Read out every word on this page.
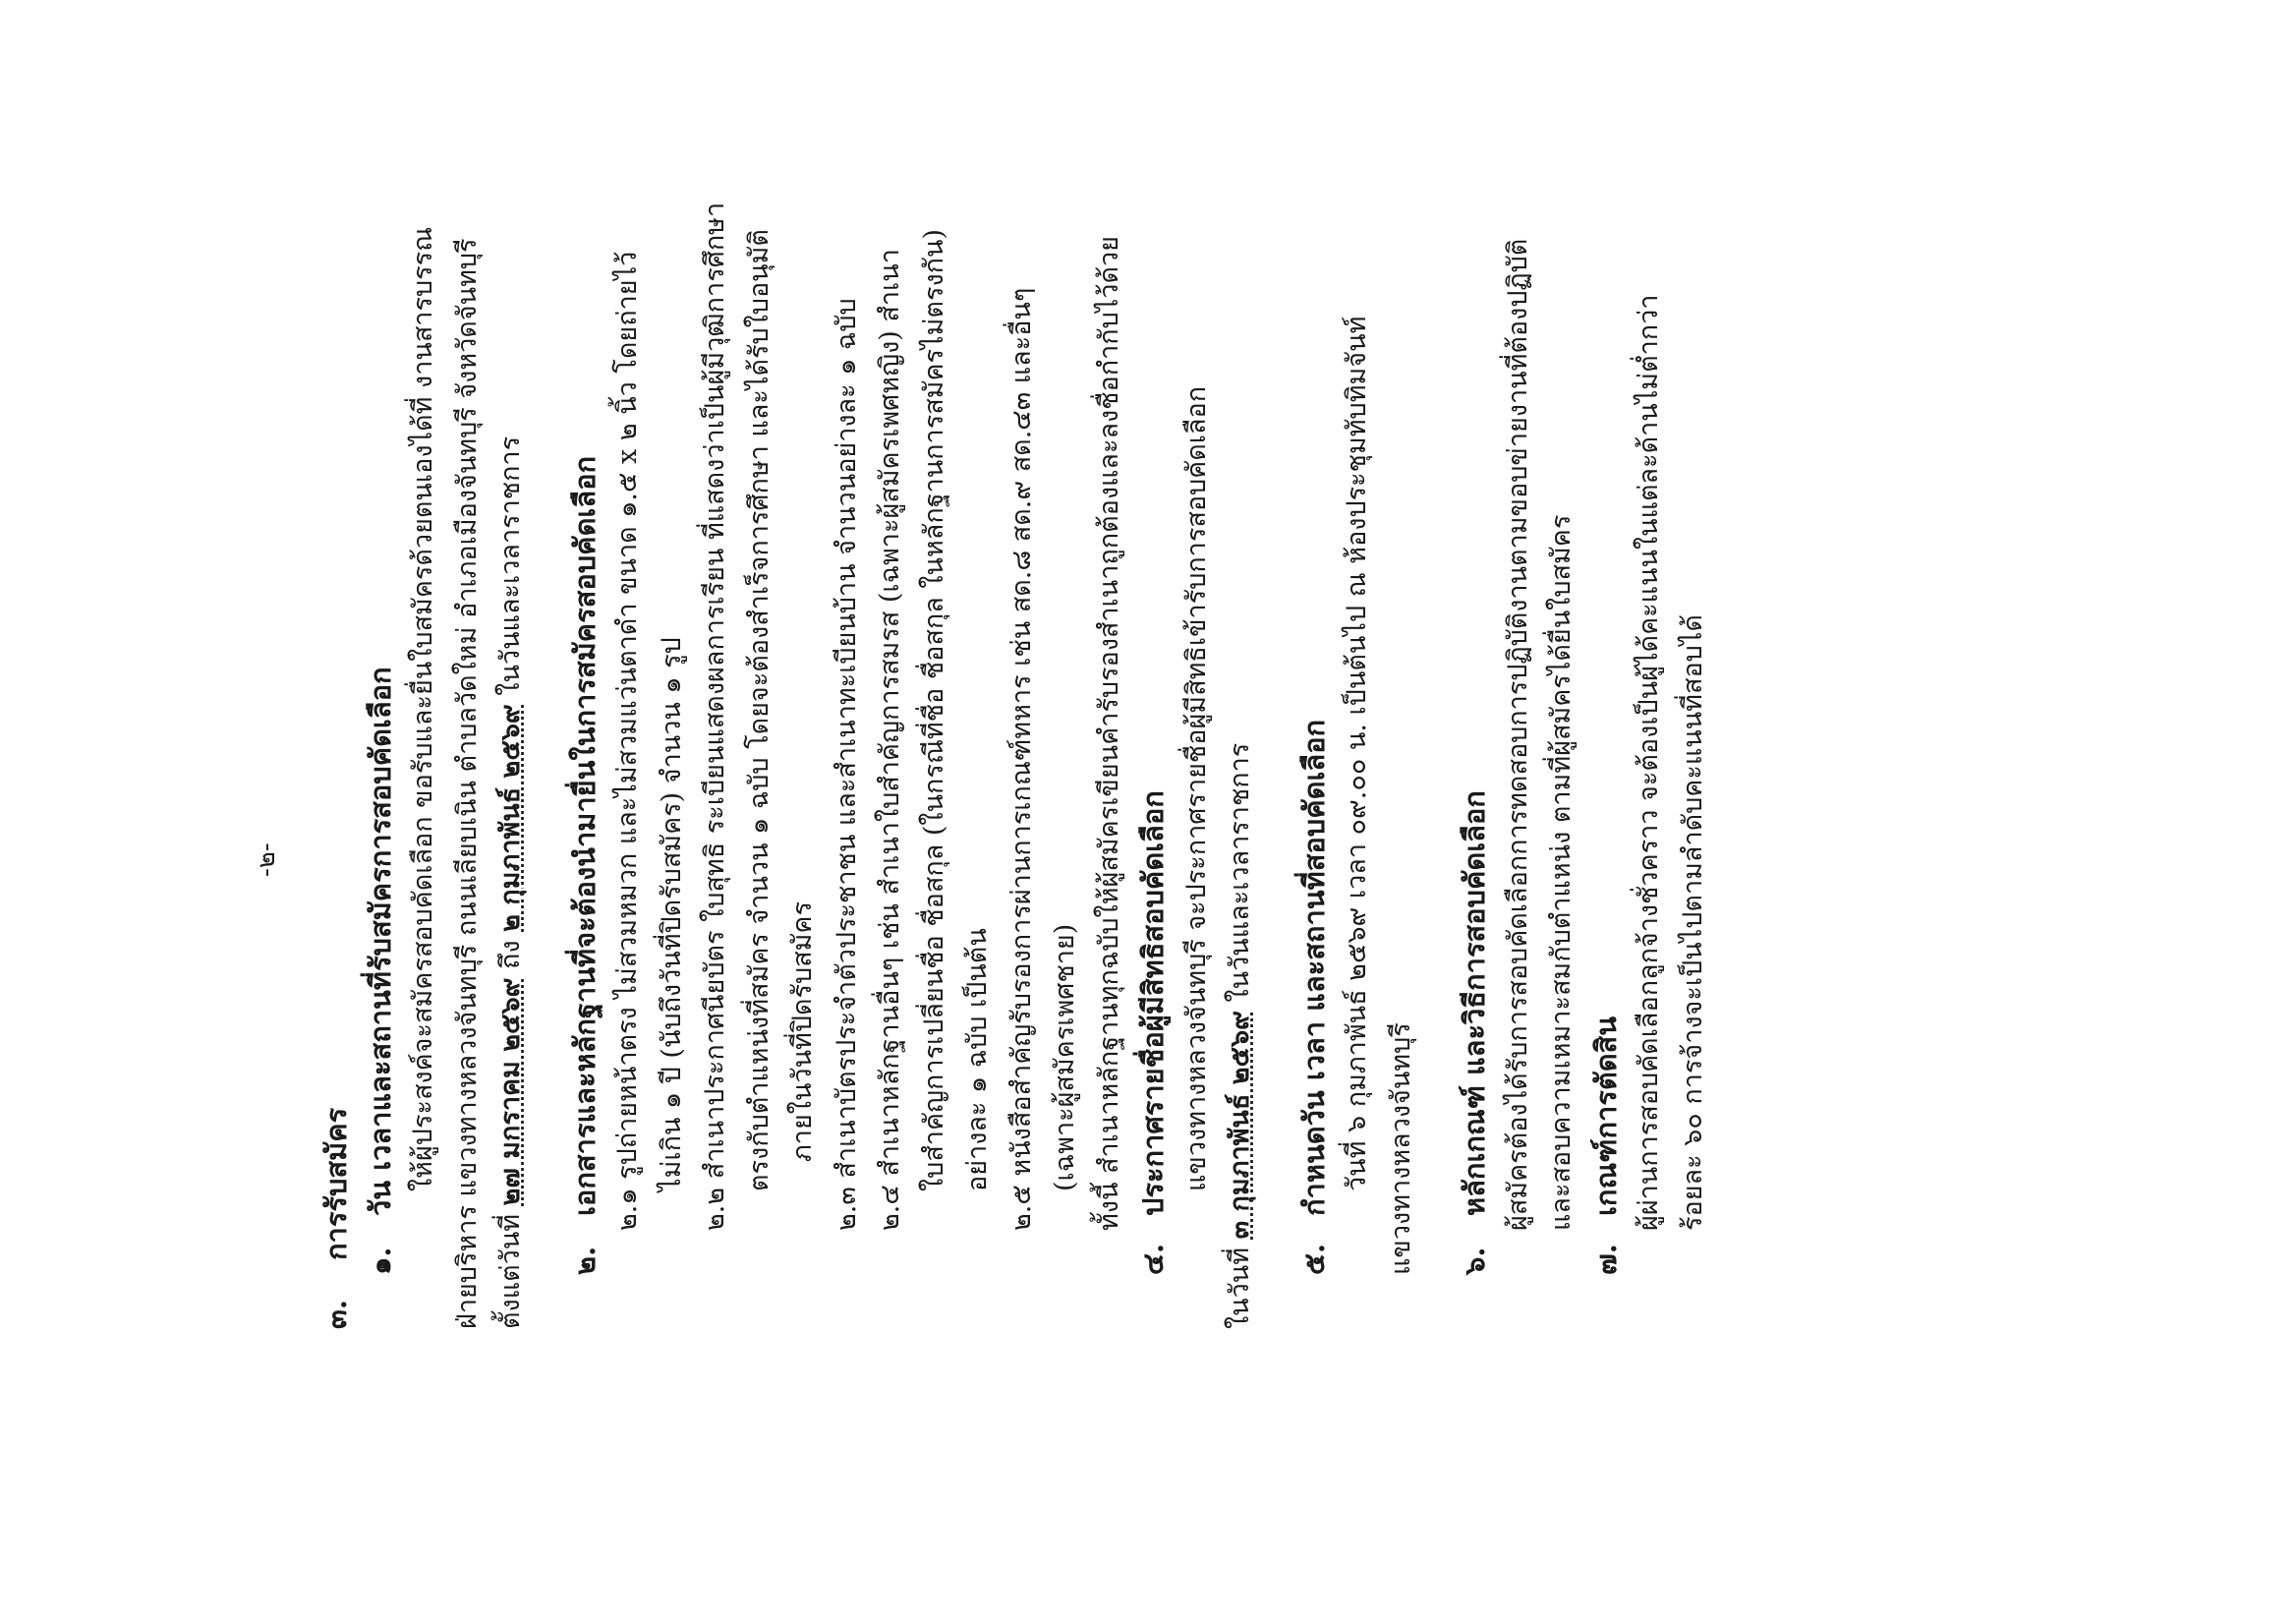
-๒-
๓.การรับสมัคร
๑.วัน เวลาและสถานที่รับสมัครการสอบคัดเลือก ให้ผู้ประสงค์จะสมัครสอบคัดเลือก ขอรับและยื่นใบสมัครด้วยตนเองได้ที่ งานสารบรรณ ฝ่ายบริหาร แขวงทางหลวงจันทบุรี ถนนเลียบเนิน ตำบลวัดใหม่ อำเภอเมืองจันทบุรี จังหวัดจันทบุรี ตั้งแต่วันที่ ๒๗ มกราคม ๒๕๖๙ ถึง ๒ กุมภาพันธ์ ๒๕๖๙ ในวันและเวลาราชการ
๒.เอกสารและหลักฐานที่จะต้องนำมายื่นในการสมัครสอบคัดเลือก ๒.๑ รูปถ่ายหน้าตรง ไม่สวมหมวก และไม่สวมแว่นตาดำ ขนาด ๑.๕ x ๒ นิ้ว โดยถ่ายไว้ ไม่เกิน ๑ ปี (นับถึงวันที่ปิดรับสมัคร) จำนวน ๑ รูป
๒.๒ สำเนาประกาศนียบัตร ใบสุทธิ ระเบียนแสดงผลการเรียน ที่แสดงว่าเป็นผู้มีวุฒิการศึกษา ตรงกับตำแหน่งที่สมัคร จำนวน ๑ ฉบับ โดยจะต้องสำเร็จการศึกษา และได้รับใบอนุมัติ ภายในวันที่ปิดรับสมัคร
๒.๓ สำเนาบัตรประจำตัวประชาชน และสำเนาทะเบียนบ้าน จำนวนอย่างละ ๑ ฉบับ
๒.๔ สำเนาหลักฐานอื่นๆ เช่น สำเนาใบสำคัญการสมรส (เฉพาะผู้สมัครเพศหญิง) สำเนา ใบสำคัญการเปลี่ยนชื่อ ชื่อสกุล (ในกรณีที่ชื่อ ชื่อสกุล ในหลักฐานการสมัครไม่ตรงกัน) อย่างละ ๑ ฉบับ เป็นต้น
๒.๕ หนังสือสำคัญรับรองการผ่านการเกณฑ์ทหาร เช่น สด.๘ สด.๙ สด.๔๓ และอื่นๆ (เฉพาะผู้สมัครเพศชาย) ทั้งนี้ สำเนาหลักฐานทุกฉบับให้ผู้สมัครเขียนคำรับรองสำเนาถูกต้องและลงชื่อกำกับไว้ด้วย
๔.ประกาศรายชื่อผู้มีสิทธิสอบคัดเลือก แขวงทางหลวงจันทบุรี จะประกาศรายชื่อผู้มีสิทธิเข้ารับการสอบคัดเลือก
ในวันที่ ๓ กุมภาพันธ์ ๒๕๖๙ ในวันและเวลาราชการ
๕.กำหนดวัน เวลา และสถานที่สอบคัดเลือก วันที่ ๖ กุมภาพันธ์ ๒๕๖๙ เวลา ๐๙.๐๐ น. เป็นต้นไป ณ ห้องประชุมทับทิมจันท์ แขวงทางหลวงจันทบุรี ๖.หลักเกณฑ์ และวิธีการสอบคัดเลือก ผู้สมัครต้องได้รับการสอบคัดเลือกการทดสอบการปฏิบัติงานตามขอบข่ายงานที่ต้องปฏิบัติ และสอบความเหมาะสมกับตำแหน่ง ตามที่ผู้สมัครได้ยื่นใบสมัคร
๗.เกณฑ์การตัดสิน ผู้ผ่านการสอบคัดเลือกลูกจ้างชั่วคราว จะต้องเป็นผู้ได้คะแนนในแต่ละด้านไม่ต่ำกว่า ร้อยละ ๖๐ การจ้างจะเป็นไปตามลำดับคะแนนที่สอบได้
